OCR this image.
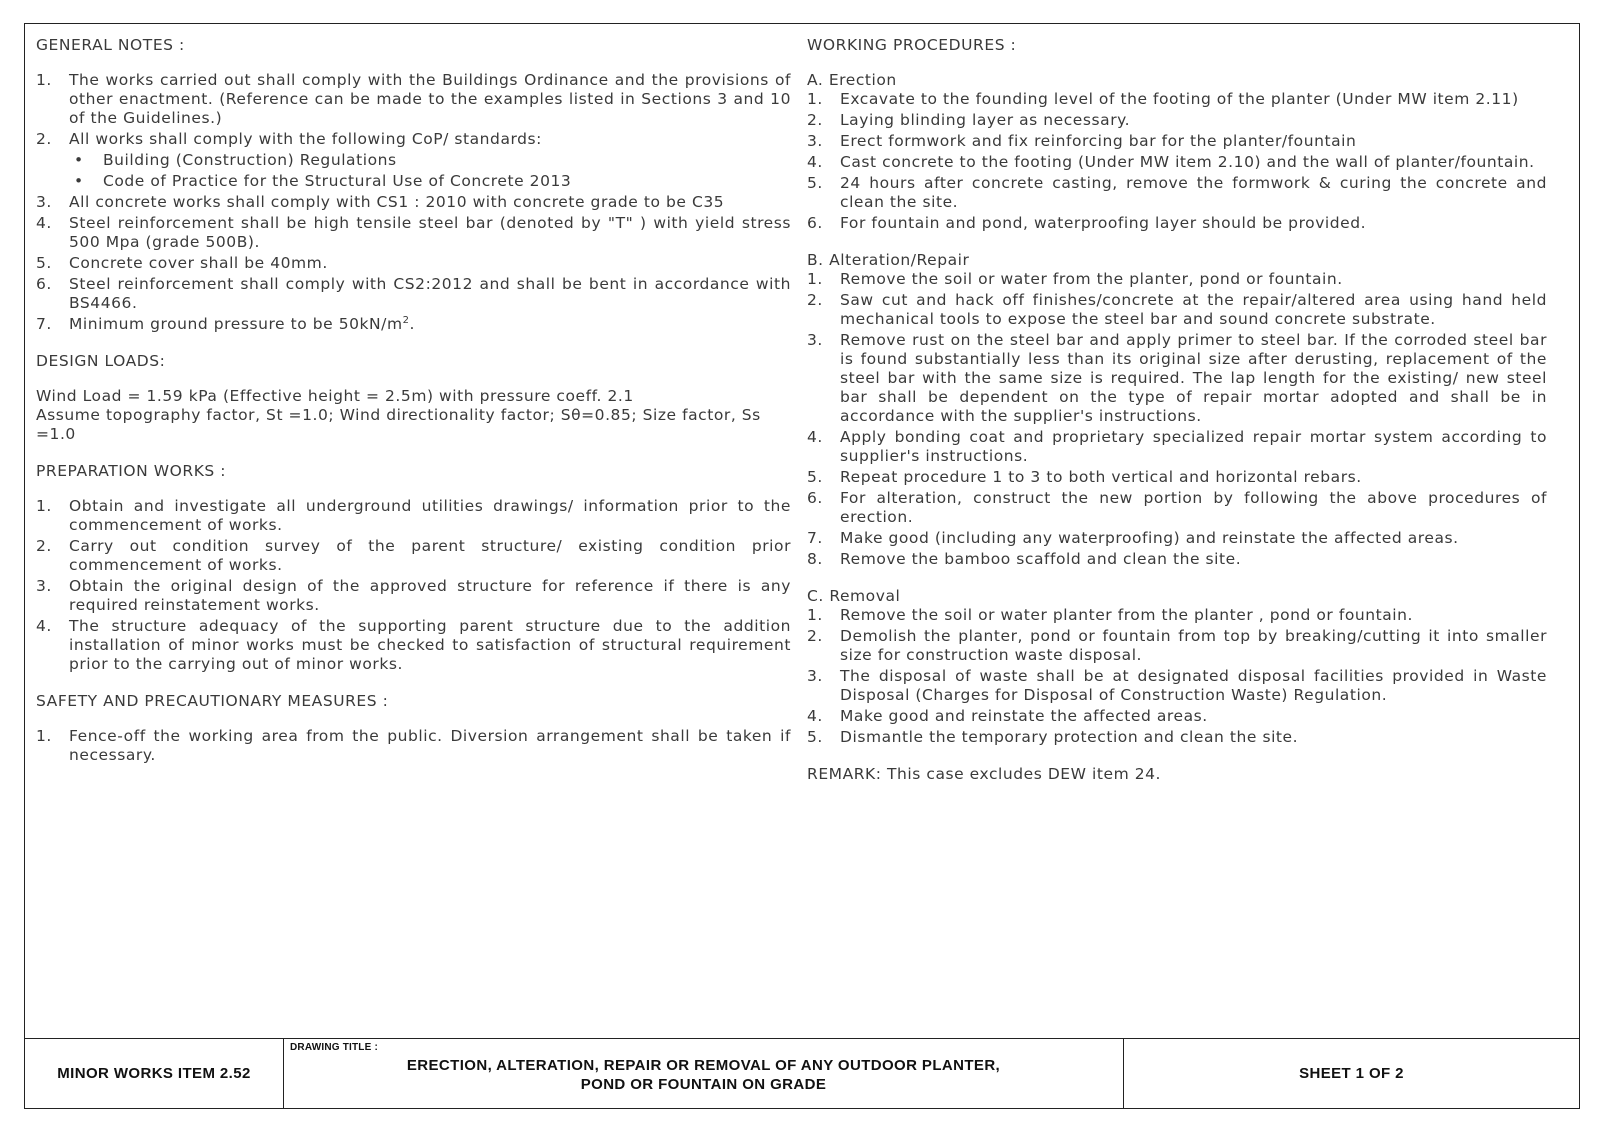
GENERAL NOTES :

1. The works carried out shall comply with the Buildings Ordinance and the provisions of other enactment. (Reference can be made to the examples listed in Sections 3 and 10 of the Guidelines.)
2. All works shall comply with the following CoP/ standards:
• Building (Construction) Regulations
• Code of Practice for the Structural Use of Concrete 2013
3. All concrete works shall comply with CS1 : 2010 with concrete grade to be C35
4. Steel reinforcement shall be high tensile steel bar (denoted by "T" ) with yield stress 500 Mpa (grade 500B).
5. Concrete cover shall be 40mm.
6. Steel reinforcement shall comply with CS2:2012 and shall be bent in accordance with BS4466.
7. Minimum ground pressure to be $50kN/m^2$.

DESIGN LOADS:

Wind Load = 1.59 kPa (Effective height = 2.5m) with pressure coeff. 2.1

Assume topography factor, St =1.0; Wind directionality factor; Sθ=0.85; Size factor, Ss =1.0

PREPARATION WORKS :

1. Obtain and investigate all underground utilities drawings/ information prior to the commencement of works.
2. Carry out condition survey of the parent structure/ existing condition prior commencement of works.
3. Obtain the original design of the approved structure for reference if there is any required reinstatement works.
4. The structure adequacy of the supporting parent structure due to the addition installation of minor works must be checked to satisfaction of structural requirement prior to the carrying out of minor works.

SAFETY AND PRECAUTIONARY MEASURES :

1. Fence-off the working area from the public. Diversion arrangement shall be taken if necessary.

WORKING PROCEDURES :

A. Erection

1. Excavate to the founding level of the footing of the planter (Under MW item 2.11)
2. Laying blinding layer as necessary.
3. Erect formwork and fix reinforcing bar for the planter/fountain
4. Cast concrete to the footing (Under MW item 2.10) and the wall of planter/fountain.
5. 24 hours after concrete casting, remove the formwork & curing the concrete and clean the site.
6. For fountain and pond, waterproofing layer should be provided.

B. Alteration/Repair

1. Remove the soil or water from the planter, pond or fountain.
2. Saw cut and hack off finishes/concrete at the repair/altered area using hand held mechanical tools to expose the steel bar and sound concrete substrate.
3. Remove rust on the steel bar and apply primer to steel bar. If the corroded steel bar is found substantially less than its original size after derusting, replacement of the steel bar with the same size is required. The lap length for the existing/ new steel bar shall be dependent on the type of repair mortar adopted and shall be in accordance with the supplier's instructions.
4. Apply bonding coat and proprietary specialized repair mortar system according to supplier's instructions.
5. Repeat procedure 1 to 3 to both vertical and horizontal rebars.
6. For alteration, construct the new portion by following the above procedures of erection.
7. Make good (including any waterproofing) and reinstate the affected areas.
8. Remove the bamboo scaffold and clean the site.

C. Removal

1. Remove the soil or water planter from the planter , pond or fountain.
2. Demolish the planter, pond or fountain from top by breaking/cutting it into smaller size for construction waste disposal.
3. The disposal of waste shall be at designated disposal facilities provided in Waste Disposal (Charges for Disposal of Construction Waste) Regulation.
4. Make good and reinstate the affected areas.
5. Dismantle the temporary protection and clean the site.

REMARK: This case excludes DEW item 24.

MINOR WORKS ITEM 2.52
DRAWING TITLE :
ERECTION, ALTERATION, REPAIR OR REMOVAL OF ANY OUTDOOR PLANTER,
POND OR FOUNTAIN ON GRADE
SHEET 1 OF 2
